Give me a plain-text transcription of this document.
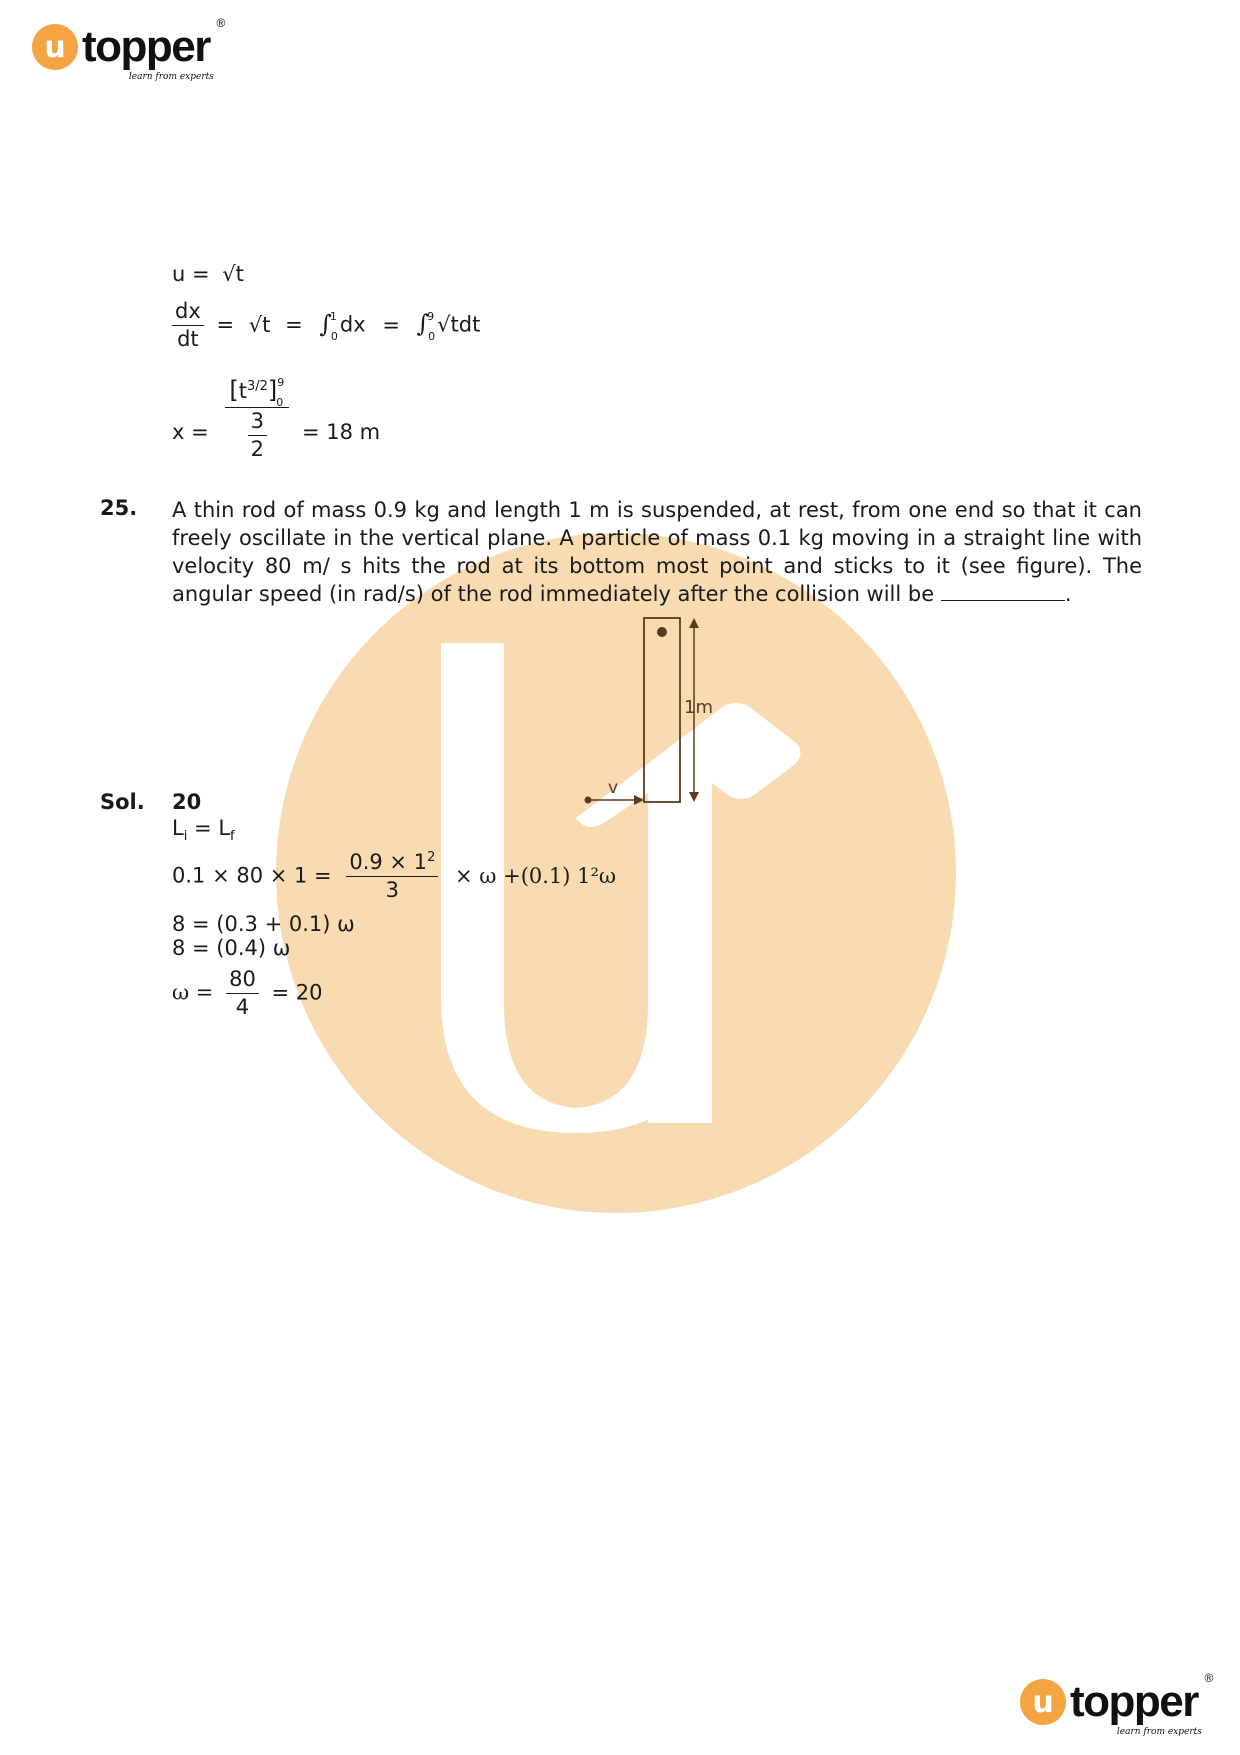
u topper ®
learn from experts
u topper ®
learn from experts
u = √t
$\frac{dx}{dt} = √t = \int^1_0dx = \int^9_0√tdt$
$x = \frac{[t^{3/2}]^9_0}{\frac{3}{2}} = 18$ m
25. A thin rod of mass 0.9 kg and length 1 m is suspended, at rest, from one end so that it can freely oscillate in the vertical plane. A particle of mass 0.1 kg moving in a straight line with velocity 80 m/ s hits the rod at its bottom most point and sticks to it (see figure). The angular speed (in rad/s) of the rod immediately after the collision will be	.
1m
v
Sol. 20
$L_i = L_f$
$0.1 \times 80 \times 1 = \frac{0.9 \times 1^2}{3} \times \omega +(0.1)$ 1²ω
8 = (0.3 + 0.1) ω
8 = (0.4) ω
$\omega = \frac{80}{4} = 20$
